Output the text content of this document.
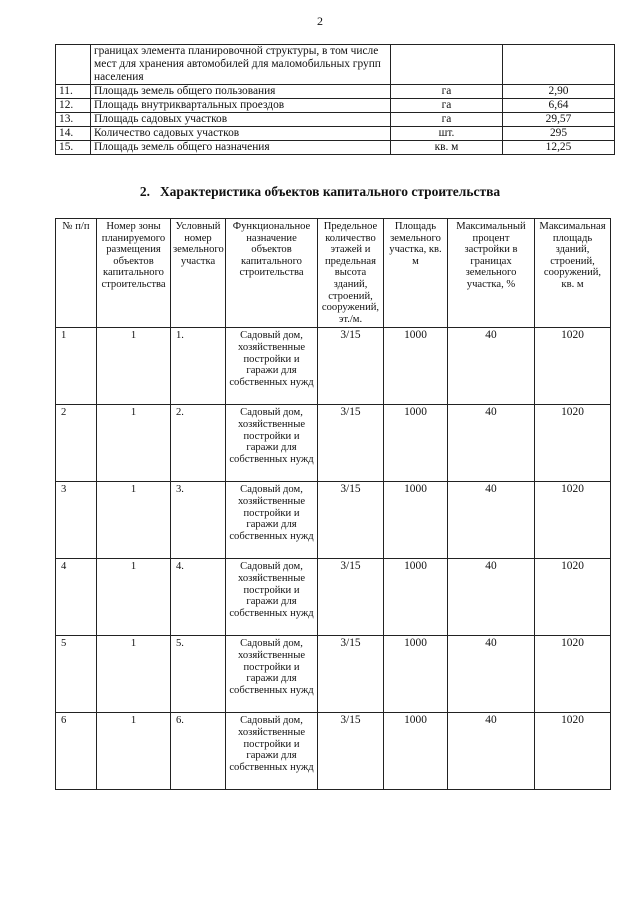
2
	границах элемента планировочной структуры, в том числе мест для хранения автомобилей для маломобильных групп населения		
11.	Площадь земель общего пользования	га	2,90
12.	Площадь внутриквартальных проездов	га	6,64
13.	Площадь садовых участков	га	29,57
14.	Количество садовых участков	шт.	295
15.	Площадь земель общего назначения	кв. м	12,25
2. Характеристика объектов капитального строительства
№ п/п	Номер зоны планируемого размещения объектов капитального строительства	Условный номер земельного участка	Функциональное назначение объектов капитального строительства	Предельное количество этажей и предельная высота зданий, строений, сооружений, эт./м.	Площадь земельного участка, кв. м	Максимальный процент застройки в границах земельного участка, %	Максимальная площадь зданий, строений, сооружений, кв. м
1	1	1.	Садовый дом, хозяйственные постройки и гаражи для собственных нужд	3/15	1000	40	1020
2	1	2.	Садовый дом, хозяйственные постройки и гаражи для собственных нужд	3/15	1000	40	1020
3	1	3.	Садовый дом, хозяйственные постройки и гаражи для собственных нужд	3/15	1000	40	1020
4	1	4.	Садовый дом, хозяйственные постройки и гаражи для собственных нужд	3/15	1000	40	1020
5	1	5.	Садовый дом, хозяйственные постройки и гаражи для собственных нужд	3/15	1000	40	1020
6	1	6.	Садовый дом, хозяйственные постройки и гаражи для собственных нужд	3/15	1000	40	1020
